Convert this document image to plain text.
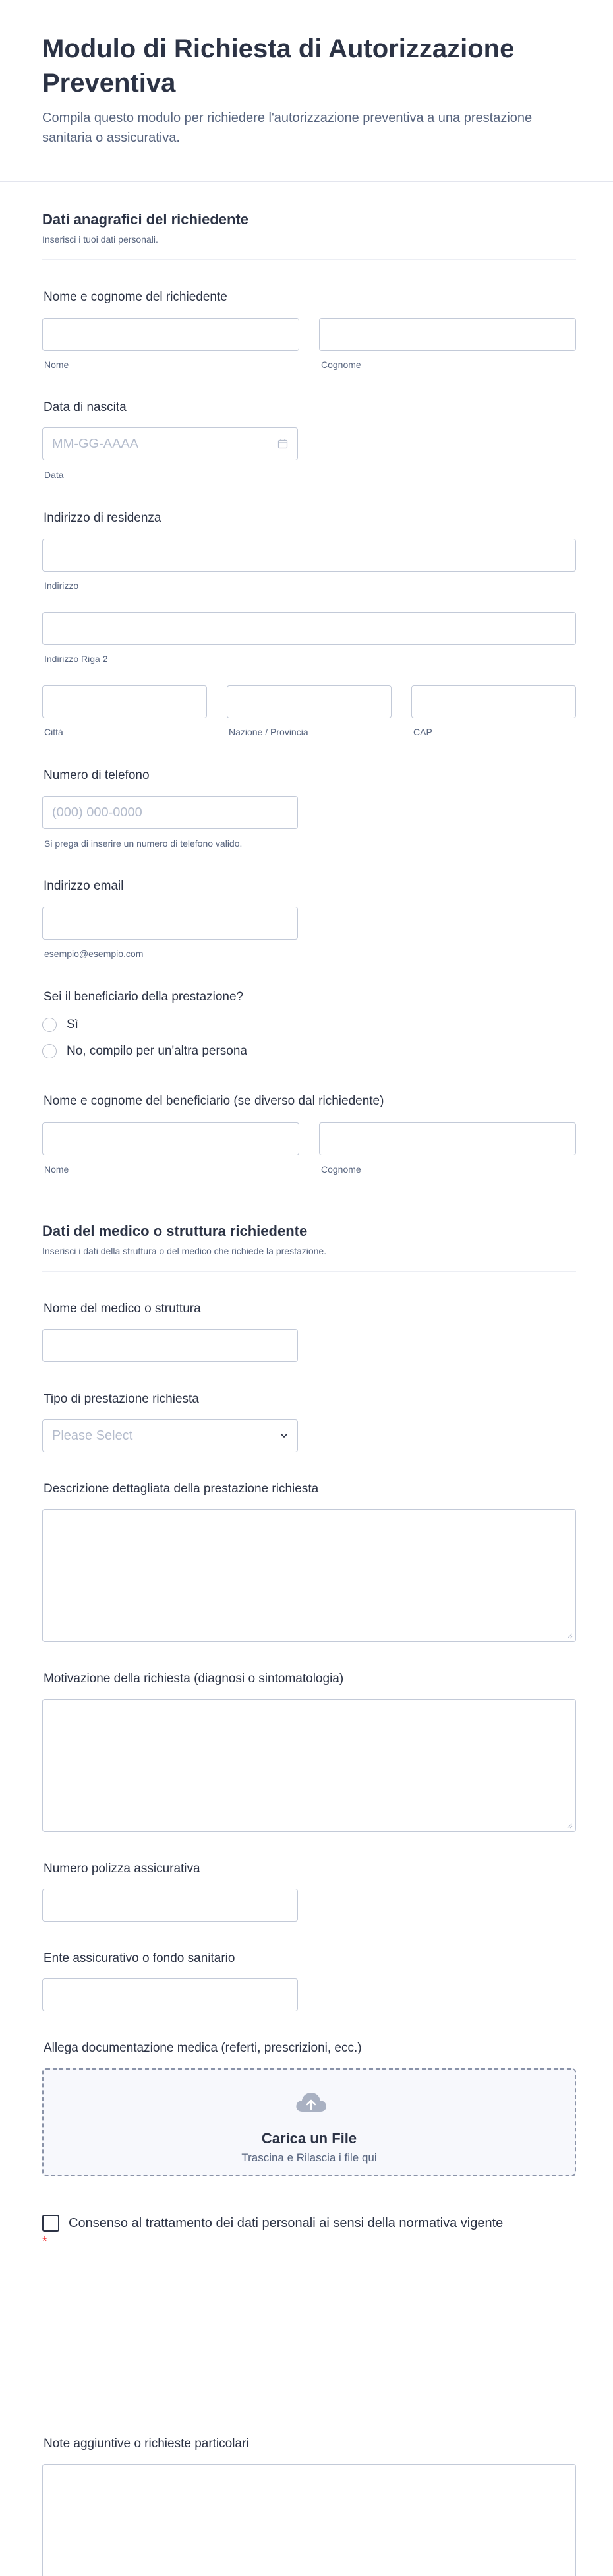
Modulo di Richiesta di Autorizzazione Preventiva

Compila questo modulo per richiedere l'autorizzazione preventiva a una prestazione sanitaria o assicurativa.

Dati anagrafici del richiedente
Inserisci i tuoi dati personali.
Nome e cognome del richiedente
Nome	Cognome
Data di nascita
MM-GG-AAAA
Data
Indirizzo di residenza
Indirizzo
Indirizzo Riga 2
Città	Nazione / Provincia	CAP
Numero di telefono
(000) 000-0000
Si prega di inserire un numero di telefono valido.
Indirizzo email
esempio@esempio.com
Sei il beneficiario della prestazione?
Sì
No, compilo per un'altra persona
Nome e cognome del beneficiario (se diverso dal richiedente)
Nome	Cognome
Dati del medico o struttura richiedente
Inserisci i dati della struttura o del medico che richiede la prestazione.
Nome del medico o struttura
Tipo di prestazione richiesta
Please Select
Descrizione dettagliata della prestazione richiesta
Motivazione della richiesta (diagnosi o sintomatologia)
Numero polizza assicurativa
Ente assicurativo o fondo sanitario
Allega documentazione medica (referti, prescrizioni, ecc.)
Carica un File
Trascina e Rilascia i file qui
Consenso al trattamento dei dati personali ai sensi della normativa vigente *
Note aggiuntive o richieste particolari
